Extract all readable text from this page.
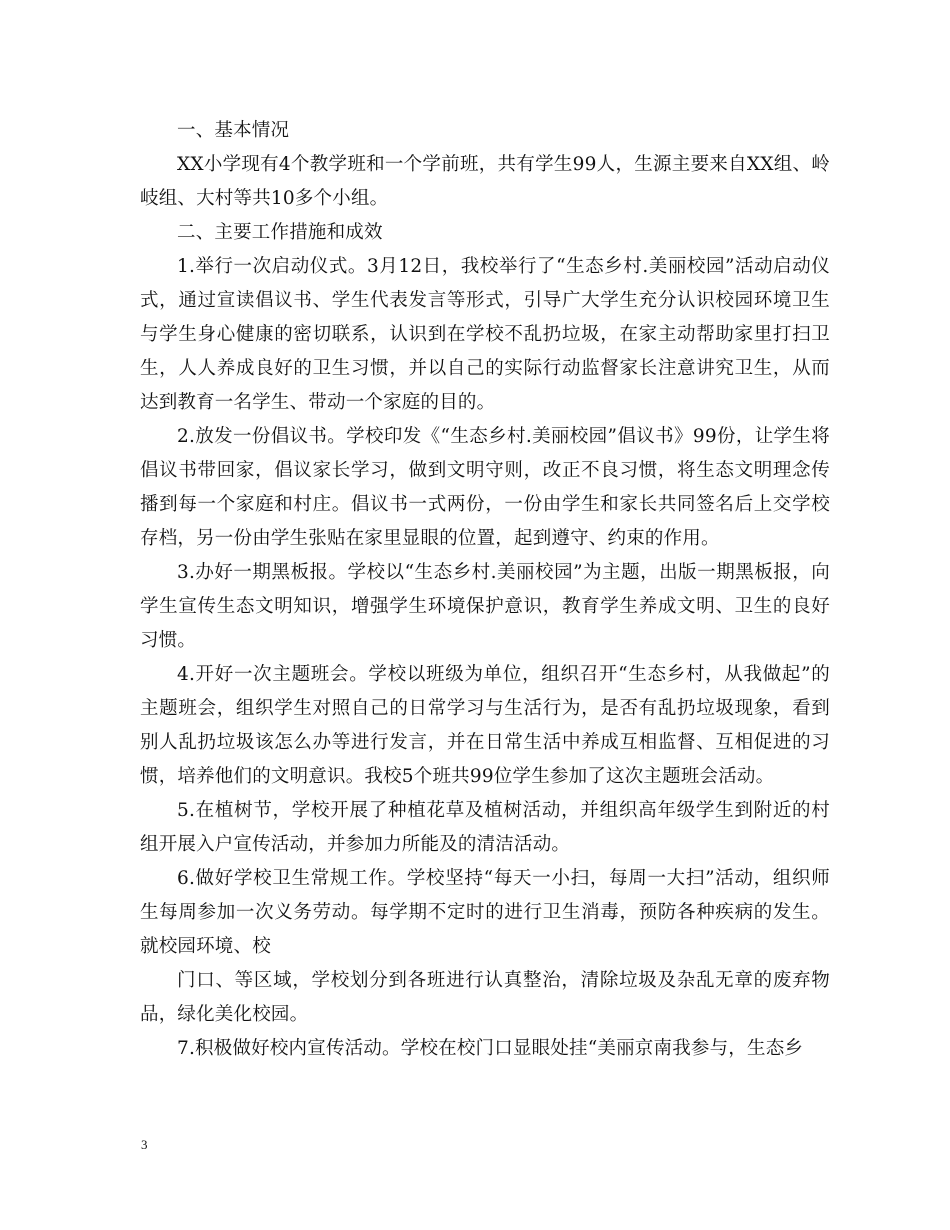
一、基本情况

XX小学现有4个教学班和一个学前班，共有学生99人，生源主要来自XX组、岭岐组、大村等共10多个小组。

二、主要工作措施和成效

1.举行一次启动仪式。3月12日，我校举行了“生态乡村.美丽校园”活动启动仪式，通过宣读倡议书、学生代表发言等形式，引导广大学生充分认识校园环境卫生与学生身心健康的密切联系，认识到在学校不乱扔垃圾，在家主动帮助家里打扫卫生，人人养成良好的卫生习惯，并以自己的实际行动监督家长注意讲究卫生，从而达到教育一名学生、带动一个家庭的目的。

2.放发一份倡议书。学校印发《“生态乡村.美丽校园”倡议书》99份，让学生将倡议书带回家，倡议家长学习，做到文明守则，改正不良习惯，将生态文明理念传播到每一个家庭和村庄。倡议书一式两份，一份由学生和家长共同签名后上交学校存档，另一份由学生张贴在家里显眼的位置，起到遵守、约束的作用。

3.办好一期黑板报。学校以“生态乡村.美丽校园”为主题，出版一期黑板报，向学生宣传生态文明知识，增强学生环境保护意识，教育学生养成文明、卫生的良好习惯。

4.开好一次主题班会。学校以班级为单位，组织召开“生态乡村，从我做起”的主题班会，组织学生对照自己的日常学习与生活行为，是否有乱扔垃圾现象，看到别人乱扔垃圾该怎么办等进行发言，并在日常生活中养成互相监督、互相促进的习惯，培养他们的文明意识。我校5个班共99位学生参加了这次主题班会活动。

5.在植树节，学校开展了种植花草及植树活动，并组织高年级学生到附近的村组开展入户宣传活动，并参加力所能及的清洁活动。

6.做好学校卫生常规工作。学校坚持“每天一小扫，每周一大扫”活动，组织师生每周参加一次义务劳动。每学期不定时的进行卫生消毒，预防各种疾病的发生。就校园环境、校

门口、等区域，学校划分到各班进行认真整治，清除垃圾及杂乱无章的废弃物品，绿化美化校园。

7.积极做好校内宣传活动。学校在校门口显眼处挂“美丽京南我参与，生态乡

3
